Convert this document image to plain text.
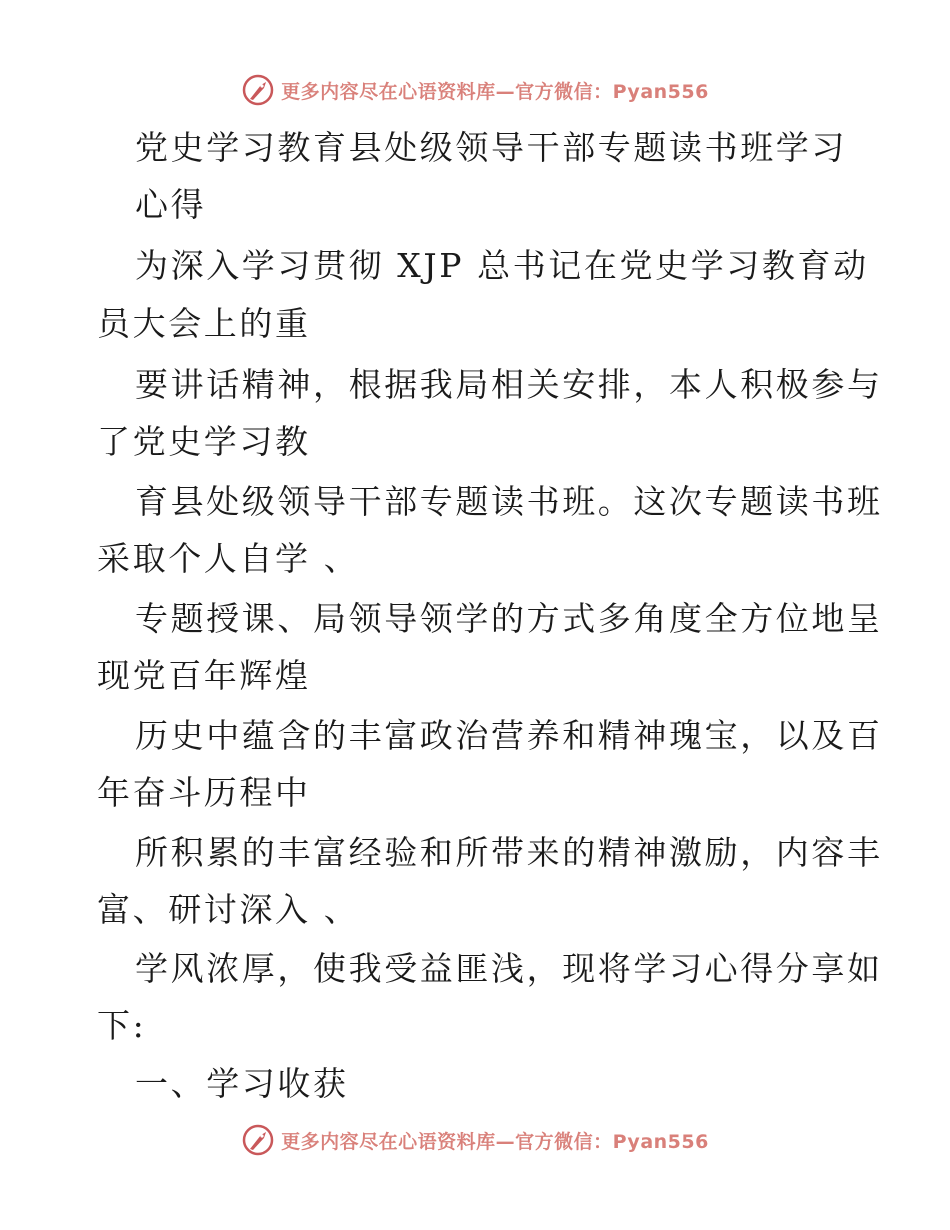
更多内容尽在心语资料库—官方微信：Pyan556

党史学习教育县处级领导干部专题读书班学习

心得

为深入学习贯彻 XJP 总书记在党史学习教育动

员大会上的重

要讲话精神，根据我局相关安排，本人积极参与

了党史学习教

育县处级领导干部专题读书班。这次专题读书班

采取个人自学 、

专题授课、局领导领学的方式多角度全方位地呈

现党百年辉煌

历史中蕴含的丰富政治营养和精神瑰宝，以及百

年奋斗历程中

所积累的丰富经验和所带来的精神激励，内容丰

富、研讨深入 、

学风浓厚，使我受益匪浅，现将学习心得分享如

下:

一、学习收获

更多内容尽在心语资料库—官方微信：Pyan556
